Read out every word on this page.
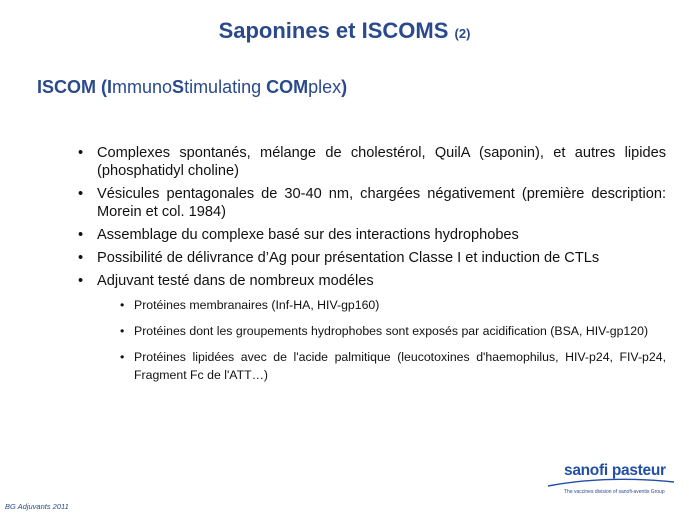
Saponines et ISCOMS (2)
ISCOM (ImmunoStimulating COMplex)
• Complexes spontanés, mélange de cholestérol, QuilA (saponin), et autres lipides (phosphatidyl choline)
• Vésicules pentagonales de 30-40 nm, chargées négativement (première description: Morein et col. 1984)
• Assemblage du complexe basé sur des interactions hydrophobes
• Possibilité de délivrance d’Ag pour présentation Classe I et induction de CTLs
• Adjuvant testé dans de nombreux modéles
• Protéines membranaires (Inf-HA, HIV-gp160)
• Protéines dont les groupements hydrophobes sont exposés par acidification (BSA, HIV-gp120)
• Protéines lipidées avec de l'acide palmitique (leucotoxines d'haemophilus, HIV-p24, FIV-p24, Fragment Fc de l'ATT…)
BG Adjuvants 2011
sanofi pasteur
The vaccines division of sanofi-aventis Group
